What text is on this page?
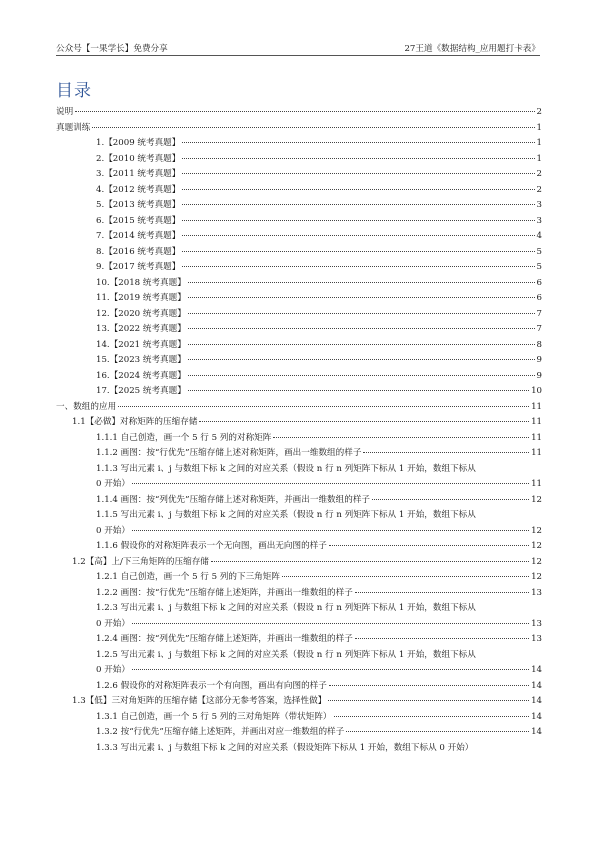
公众号【一果学长】免费分享	27王道《数据结构_应用题打卡表》
目录
说明	2
真题训练	1
1.【2009 统考真题】	1
2.【2010 统考真题】	1
3.【2011 统考真题】	2
4.【2012 统考真题】	2
5.【2013 统考真题】	3
6.【2015 统考真题】	3
7.【2014 统考真题】	4
8.【2016 统考真题】	5
9.【2017 统考真题】	5
10.【2018 统考真题】	6
11.【2019 统考真题】	6
12.【2020 统考真题】	7
13.【2022 统考真题】	7
14.【2021 统考真题】	8
15.【2023 统考真题】	9
16.【2024 统考真题】	9
17.【2025 统考真题】	10
一、数组的应用	11
1.1【必做】对称矩阵的压缩存储	11
1.1.1 自己创造，画一个 5 行 5 列的对称矩阵	11
1.1.2 画图：按“行优先”压缩存储上述对称矩阵，画出一维数组的样子	11
1.1.3 写出元素 i、j 与数组下标 k 之间的对应关系（假设 n 行 n 列矩阵下标从 1 开始，数组下标从
0 开始）	11
1.1.4 画图：按“列优先”压缩存储上述对称矩阵，并画出一维数组的样子	12
1.1.5 写出元素 i、j 与数组下标 k 之间的对应关系（假设 n 行 n 列矩阵下标从 1 开始，数组下标从
0 开始）	12
1.1.6 假设你的对称矩阵表示一个无向图，画出无向图的样子	12
1.2【高】上/下三角矩阵的压缩存储	12
1.2.1 自己创造，画一个 5 行 5 列的下三角矩阵	12
1.2.2 画图：按“行优先”压缩存储上述矩阵，并画出一维数组的样子	13
1.2.3 写出元素 i、j 与数组下标 k 之间的对应关系（假设 n 行 n 列矩阵下标从 1 开始，数组下标从
0 开始）	13
1.2.4 画图：按“列优先”压缩存储上述矩阵，并画出一维数组的样子	13
1.2.5 写出元素 i、j 与数组下标 k 之间的对应关系（假设 n 行 n 列矩阵下标从 1 开始，数组下标从
0 开始）	14
1.2.6 假设你的对称矩阵表示一个有向图，画出有向图的样子	14
1.3【低】三对角矩阵的压缩存储【这部分无参考答案，选择性做】	14
1.3.1 自己创造，画一个 5 行 5 列的三对角矩阵（带状矩阵）	14
1.3.2 按“行优先”压缩存储上述矩阵，并画出对应一维数组的样子	14
1.3.3 写出元素 i、j 与数组下标 k 之间的对应关系（假设矩阵下标从 1 开始，数组下标从 0 开始）
